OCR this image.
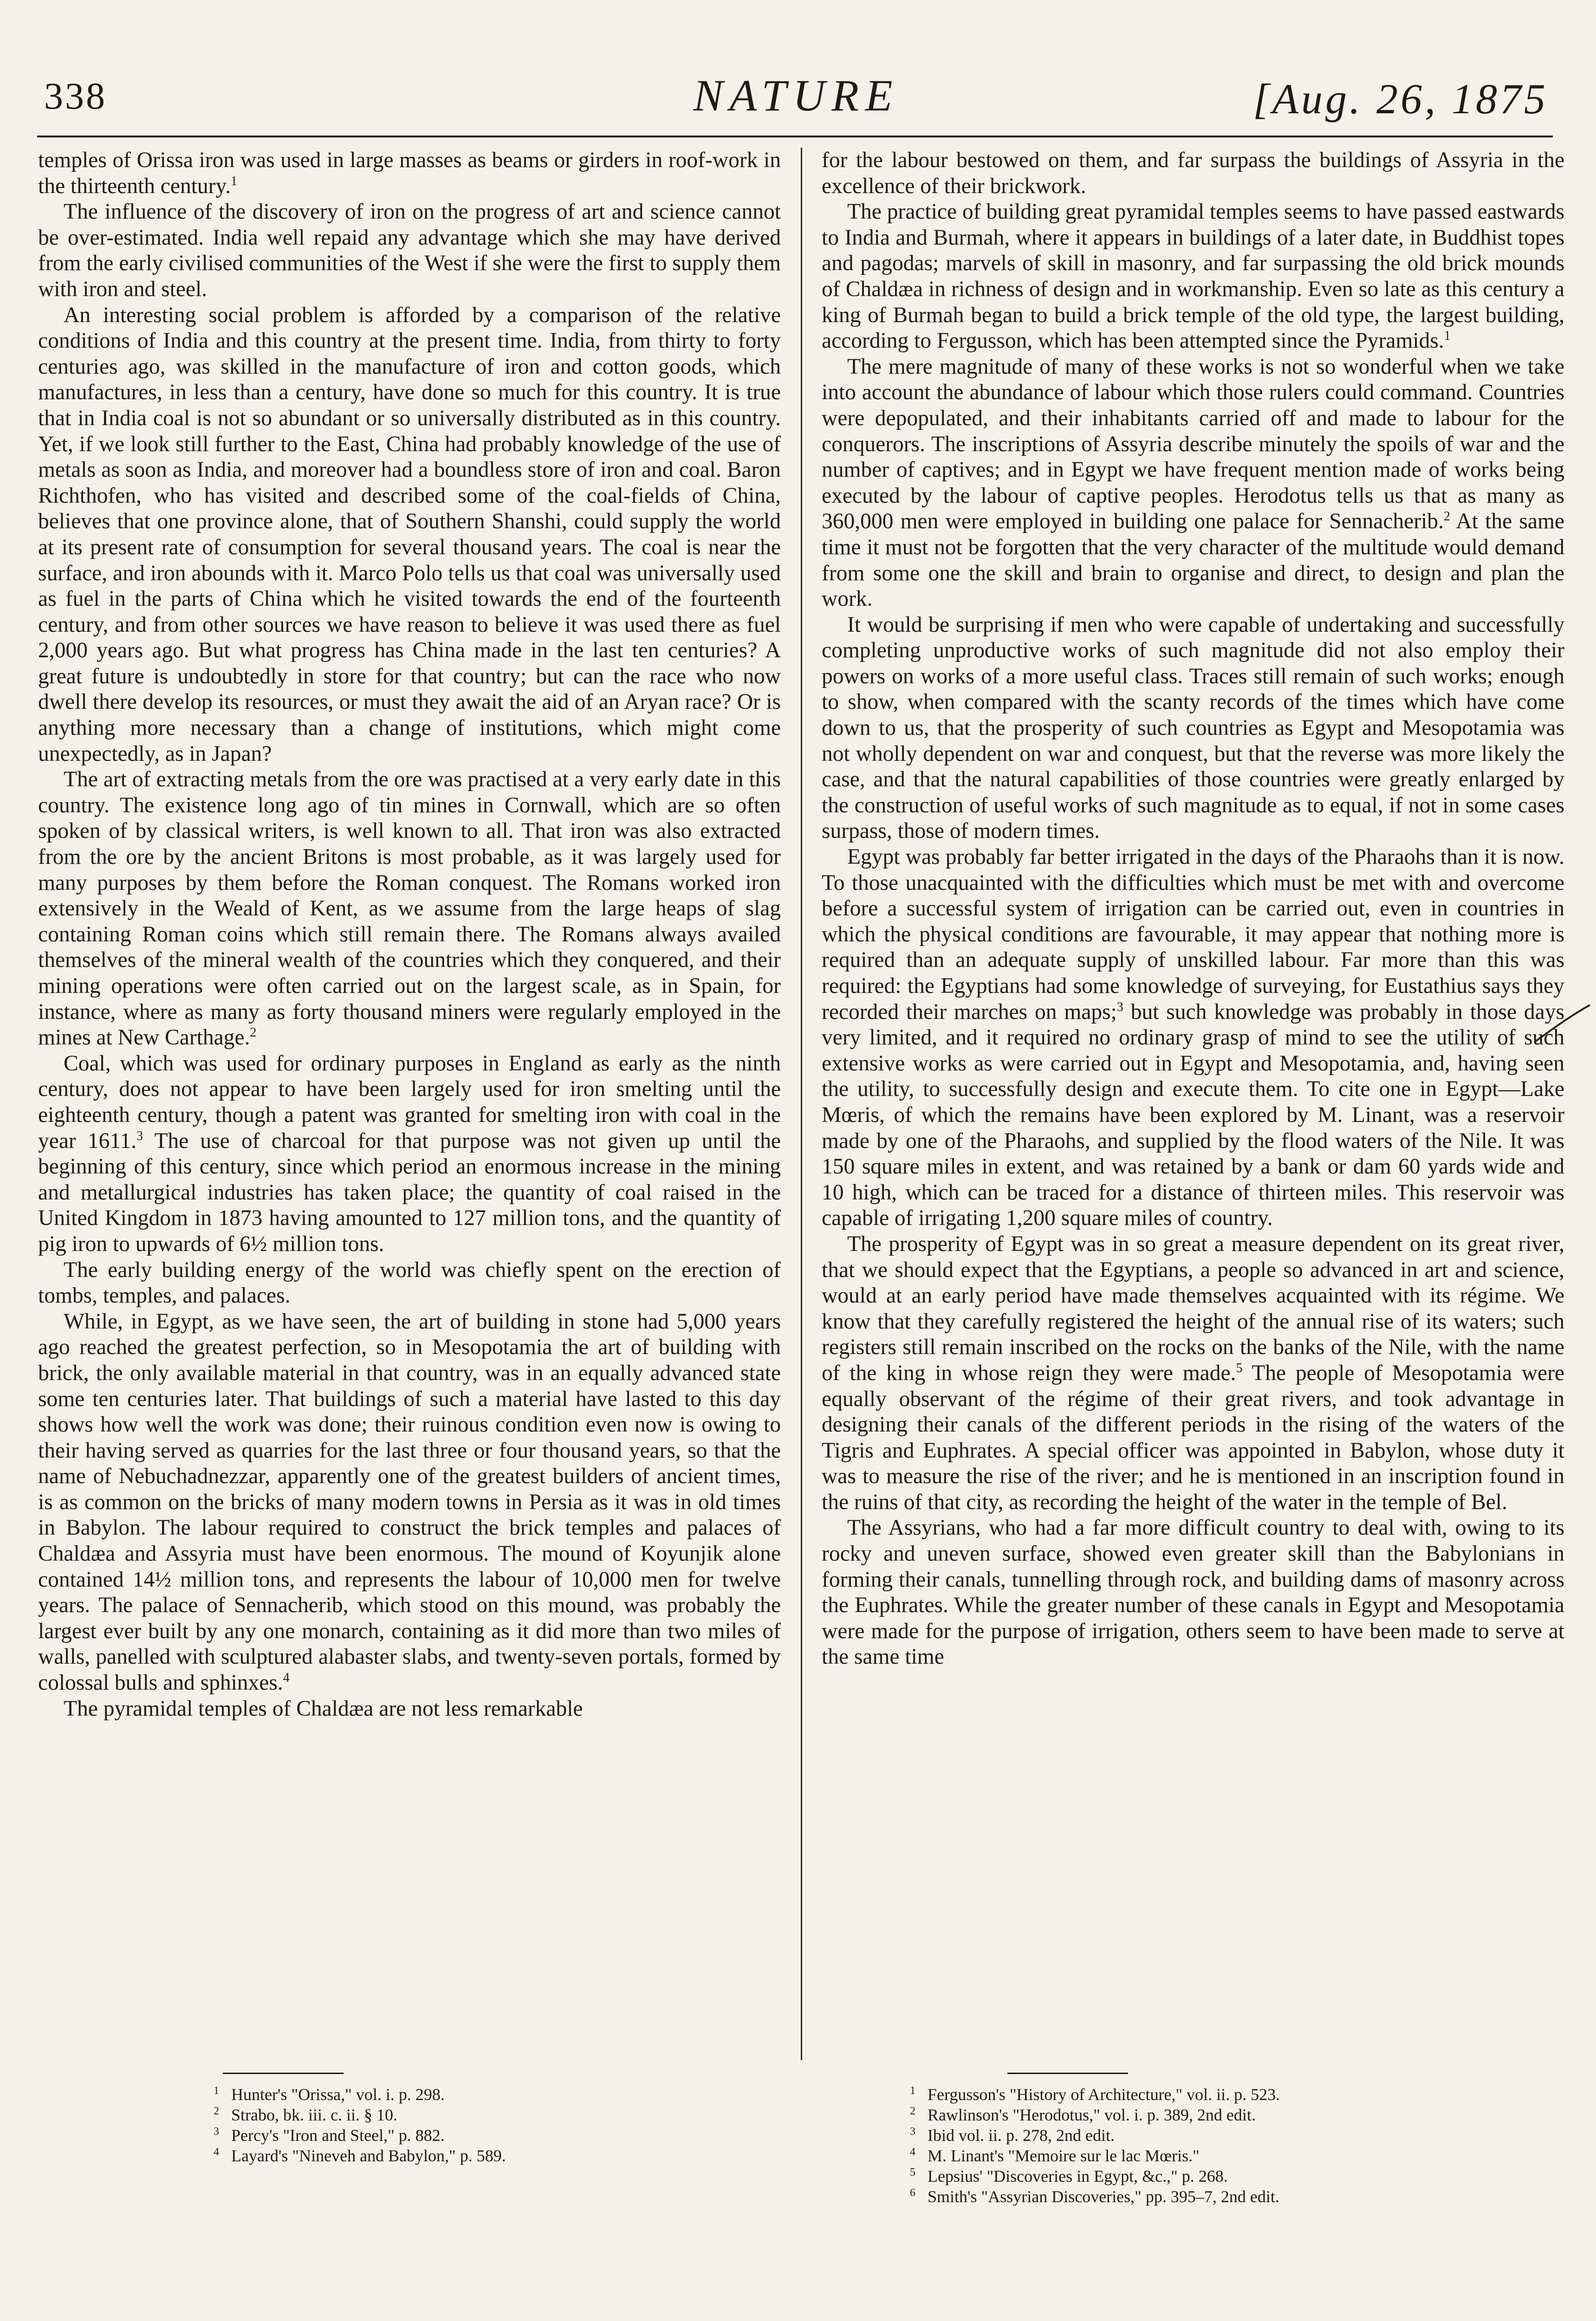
338	NATURE	[Aug. 26, 1875

temples of Orissa iron was used in large masses as beams or girders in roof-work in the thirteenth century.$^1$

The influence of the discovery of iron on the progress of art and science cannot be over-estimated. India well repaid any advantage which she may have derived from the early civilised communities of the West if she were the first to supply them with iron and steel.

An interesting social problem is afforded by a comparison of the relative conditions of India and this country at the present time. India, from thirty to forty centuries ago, was skilled in the manufacture of iron and cotton goods, which manufactures, in less than a century, have done so much for this country. It is true that in India coal is not so abundant or so universally distributed as in this country. Yet, if we look still further to the East, China had probably knowledge of the use of metals as soon as India, and moreover had a boundless store of iron and coal. Baron Richthofen, who has visited and described some of the coal-fields of China, believes that one province alone, that of Southern Shanshi, could supply the world at its present rate of consumption for several thousand years. The coal is near the surface, and iron abounds with it. Marco Polo tells us that coal was universally used as fuel in the parts of China which he visited towards the end of the fourteenth century, and from other sources we have reason to believe it was used there as fuel 2,000 years ago. But what progress has China made in the last ten centuries? A great future is undoubtedly in store for that country; but can the race who now dwell there develop its resources, or must they await the aid of an Aryan race? Or is anything more necessary than a change of institutions, which might come unexpectedly, as in Japan?

The art of extracting metals from the ore was practised at a very early date in this country. The existence long ago of tin mines in Cornwall, which are so often spoken of by classical writers, is well known to all. That iron was also extracted from the ore by the ancient Britons is most probable, as it was largely used for many purposes by them before the Roman conquest. The Romans worked iron extensively in the Weald of Kent, as we assume from the large heaps of slag containing Roman coins which still remain there. The Romans always availed themselves of the mineral wealth of the countries which they conquered, and their mining operations were often carried out on the largest scale, as in Spain, for instance, where as many as forty thousand miners were regularly employed in the mines at New Carthage.$^2$

Coal, which was used for ordinary purposes in England as early as the ninth century, does not appear to have been largely used for iron smelting until the eighteenth century, though a patent was granted for smelting iron with coal in the year 1611.$^3$ The use of charcoal for that purpose was not given up until the beginning of this century, since which period an enormous increase in the mining and metallurgical industries has taken place; the quantity of coal raised in the United Kingdom in 1873 having amounted to 127 million tons, and the quantity of pig iron to upwards of 6½ million tons.

The early building energy of the world was chiefly spent on the erection of tombs, temples, and palaces.

While, in Egypt, as we have seen, the art of building in stone had 5,000 years ago reached the greatest perfection, so in Mesopotamia the art of building with brick, the only available material in that country, was in an equally advanced state some ten centuries later. That buildings of such a material have lasted to this day shows how well the work was done; their ruinous condition even now is owing to their having served as quarries for the last three or four thousand years, so that the name of Nebuchadnezzar, apparently one of the greatest builders of ancient times, is as common on the bricks of many modern towns in Persia as it was in old times in Babylon. The labour required to construct the brick temples and palaces of Chaldæa and Assyria must have been enormous. The mound of Koyunjik alone contained 14½ million tons, and represents the labour of 10,000 men for twelve years. The palace of Sennacherib, which stood on this mound, was probably the largest ever built by any one monarch, containing as it did more than two miles of walls, panelled with sculptured alabaster slabs, and twenty-seven portals, formed by colossal bulls and sphinxes.$^4$

The pyramidal temples of Chaldæa are not less remarkable

for the labour bestowed on them, and far surpass the buildings of Assyria in the excellence of their brickwork.

The practice of building great pyramidal temples seems to have passed eastwards to India and Burmah, where it appears in buildings of a later date, in Buddhist topes and pagodas; marvels of skill in masonry, and far surpassing the old brick mounds of Chaldæa in richness of design and in workmanship. Even so late as this century a king of Burmah began to build a brick temple of the old type, the largest building, according to Fergusson, which has been attempted since the Pyramids.$^1$

The mere magnitude of many of these works is not so wonderful when we take into account the abundance of labour which those rulers could command. Countries were depopulated, and their inhabitants carried off and made to labour for the conquerors. The inscriptions of Assyria describe minutely the spoils of war and the number of captives; and in Egypt we have frequent mention made of works being executed by the labour of captive peoples. Herodotus tells us that as many as 360,000 men were employed in building one palace for Sennacherib.$^2$ At the same time it must not be forgotten that the very character of the multitude would demand from some one the skill and brain to organise and direct, to design and plan the work.

It would be surprising if men who were capable of undertaking and successfully completing unproductive works of such magnitude did not also employ their powers on works of a more useful class. Traces still remain of such works; enough to show, when compared with the scanty records of the times which have come down to us, that the prosperity of such countries as Egypt and Mesopotamia was not wholly dependent on war and conquest, but that the reverse was more likely the case, and that the natural capabilities of those countries were greatly enlarged by the construction of useful works of such magnitude as to equal, if not in some cases surpass, those of modern times.

Egypt was probably far better irrigated in the days of the Pharaohs than it is now. To those unacquainted with the difficulties which must be met with and overcome before a successful system of irrigation can be carried out, even in countries in which the physical conditions are favourable, it may appear that nothing more is required than an adequate supply of unskilled labour. Far more than this was required: the Egyptians had some knowledge of surveying, for Eustathius says they recorded their marches on maps;$^3$ but such knowledge was probably in those days very limited, and it required no ordinary grasp of mind to see the utility of such extensive works as were carried out in Egypt and Mesopotamia, and, having seen the utility, to successfully design and execute them. To cite one in Egypt—Lake Mœris, of which the remains have been explored by M. Linant, was a reservoir made by one of the Pharaohs, and supplied by the flood waters of the Nile. It was 150 square miles in extent, and was retained by a bank or dam 60 yards wide and 10 high, which can be traced for a distance of thirteen miles. This reservoir was capable of irrigating 1,200 square miles of country.

The prosperity of Egypt was in so great a measure dependent on its great river, that we should expect that the Egyptians, a people so advanced in art and science, would at an early period have made themselves acquainted with its régime. We know that they carefully registered the height of the annual rise of its waters; such registers still remain inscribed on the rocks on the banks of the Nile, with the name of the king in whose reign they were made.$^5$ The people of Mesopotamia were equally observant of the régime of their great rivers, and took advantage in designing their canals of the different periods in the rising of the waters of the Tigris and Euphrates. A special officer was appointed in Babylon, whose duty it was to measure the rise of the river; and he is mentioned in an inscription found in the ruins of that city, as recording the height of the water in the temple of Bel.

The Assyrians, who had a far more difficult country to deal with, owing to its rocky and uneven surface, showed even greater skill than the Babylonians in forming their canals, tunnelling through rock, and building dams of masonry across the Euphrates. While the greater number of these canals in Egypt and Mesopotamia were made for the purpose of irrigation, others seem to have been made to serve at the same time

1 Hunter's "Orissa," vol. i. p. 298.
2 Strabo, bk. iii. c. ii. § 10.
3 Percy's "Iron and Steel," p. 882.
4 Layard's "Nineveh and Babylon," p. 589.
1 Fergusson's "History of Architecture," vol. ii. p. 523.
2 Rawlinson's "Herodotus," vol. i. p. 389, 2nd edit.
3 Ibid vol. ii. p. 278, 2nd edit.
4 M. Linant's "Memoire sur le lac Mœris."
5 Lepsius' "Discoveries in Egypt, &c.," p. 268.
6 Smith's "Assyrian Discoveries," pp. 395–7, 2nd edit.
